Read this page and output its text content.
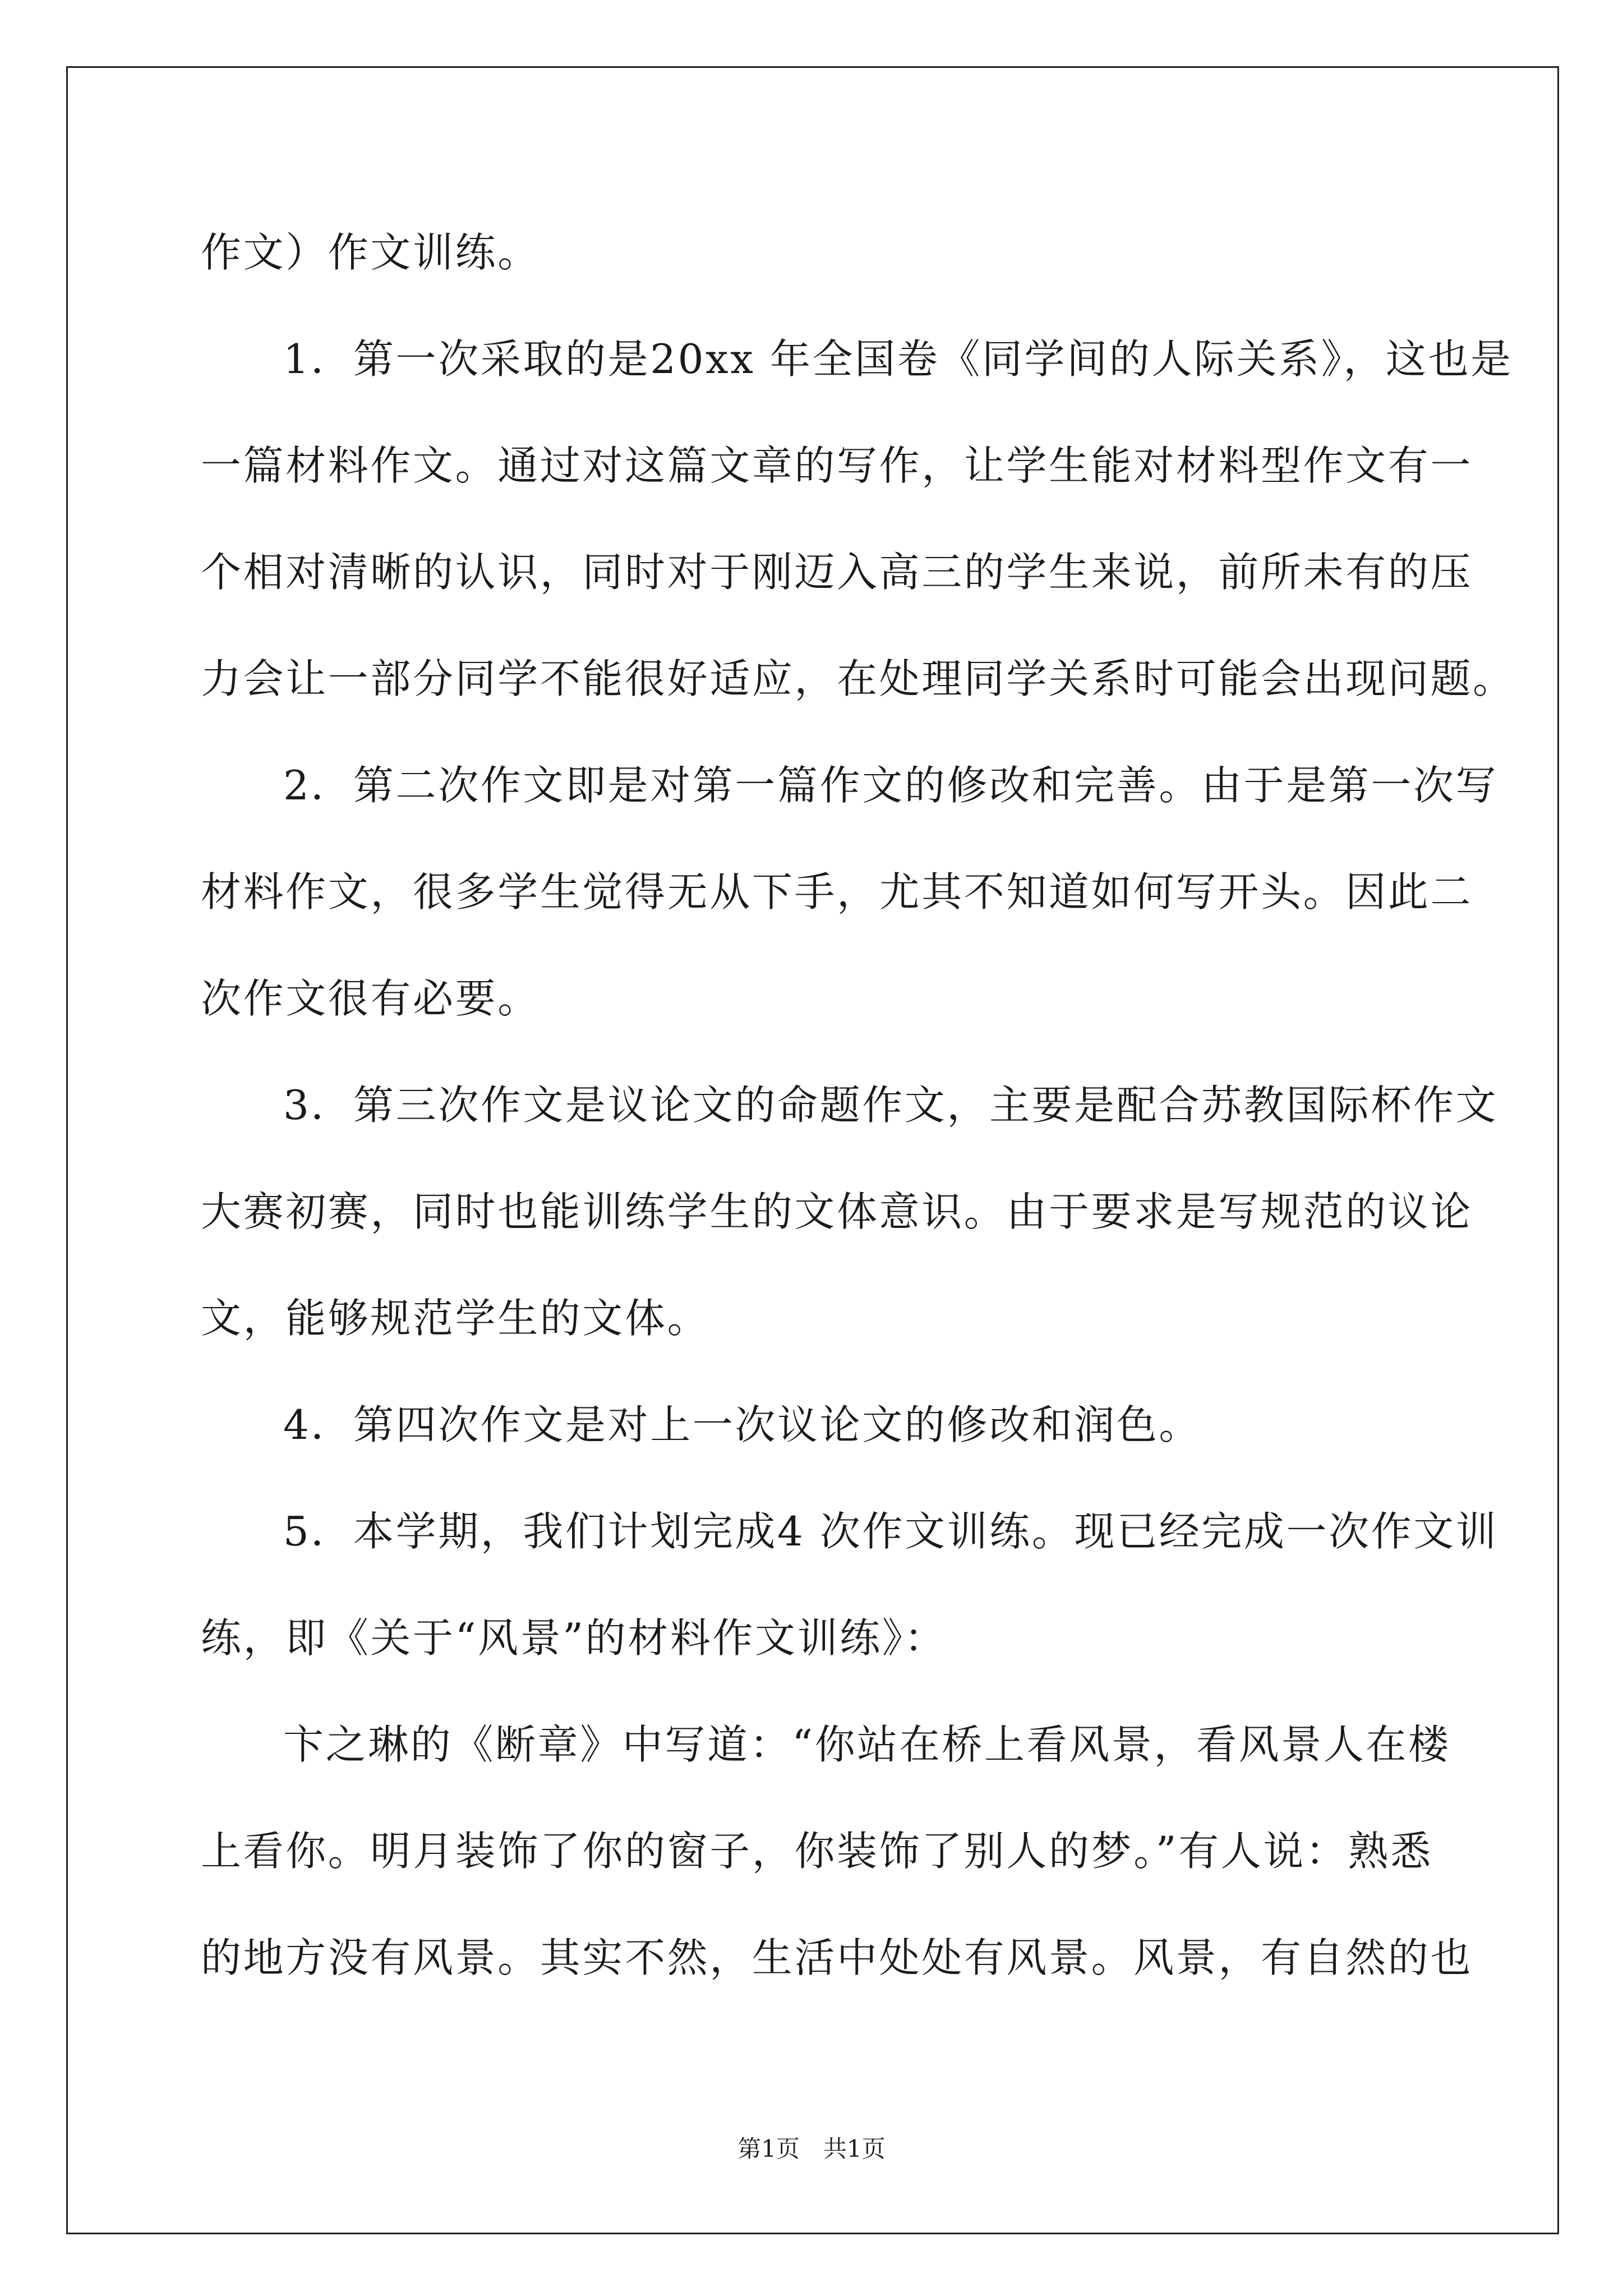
作文）作文训练。
1．第一次采取的是20xx 年全国卷《同学间的人际关系》，这也是
一篇材料作文。通过对这篇文章的写作，让学生能对材料型作文有一
个相对清晰的认识，同时对于刚迈入高三的学生来说，前所未有的压
力会让一部分同学不能很好适应，在处理同学关系时可能会出现问题。
2．第二次作文即是对第一篇作文的修改和完善。由于是第一次写
材料作文，很多学生觉得无从下手，尤其不知道如何写开头。因此二
次作文很有必要。
3．第三次作文是议论文的命题作文，主要是配合苏教国际杯作文
大赛初赛，同时也能训练学生的文体意识。由于要求是写规范的议论
文，能够规范学生的文体。
4．第四次作文是对上一次议论文的修改和润色。
5．本学期，我们计划完成4 次作文训练。现已经完成一次作文训
练，即《关于“风景”的材料作文训练》：
卞之琳的《断章》中写道：“你站在桥上看风景，看风景人在楼
上看你。明月装饰了你的窗子，你装饰了别人的梦。”有人说：熟悉
的地方没有风景。其实不然，生活中处处有风景。风景，有自然的也
第1页　共1页
